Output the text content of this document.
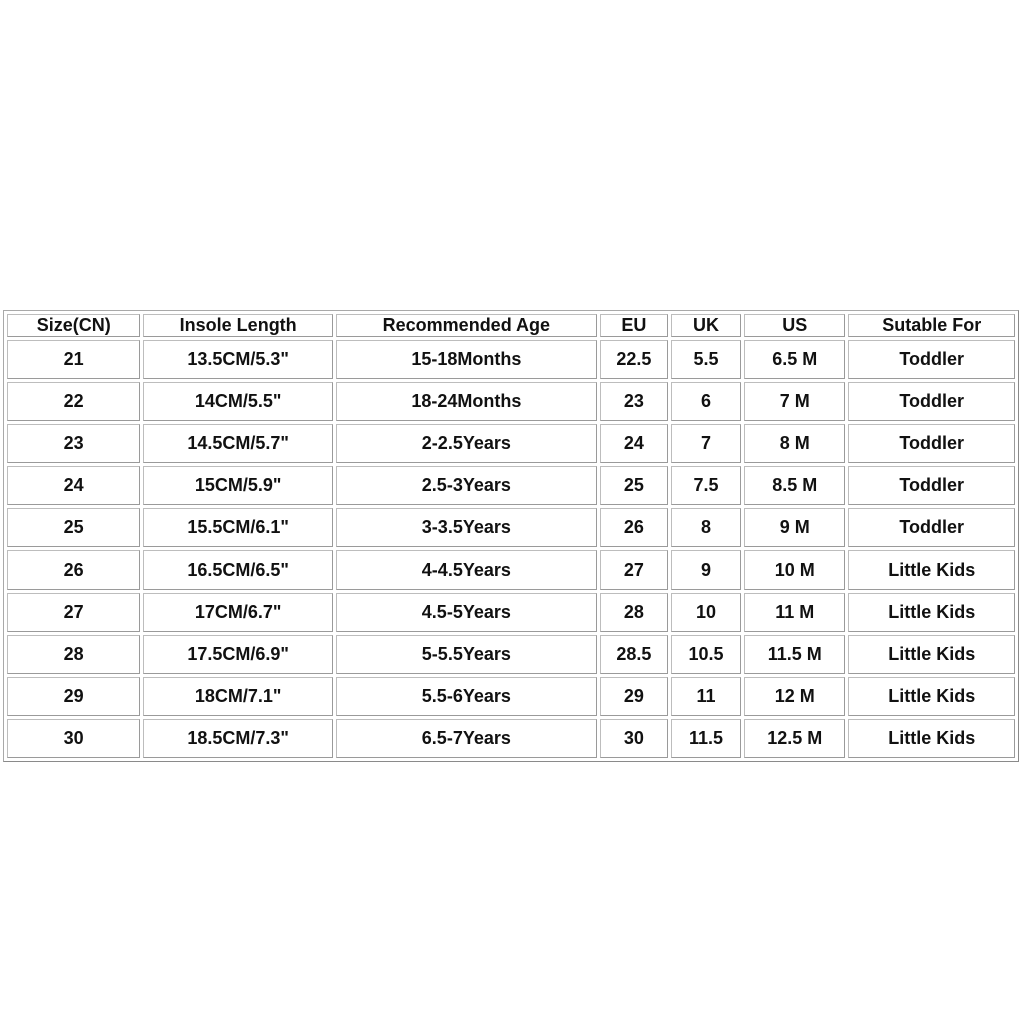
Size(CN)	Insole Length	Recommended Age	EU	UK	US	Sutable For
21	13.5CM/5.3"	15-18Months	22.5	5.5	6.5 M	Toddler
22	14CM/5.5"	18-24Months	23	6	7 M	Toddler
23	14.5CM/5.7"	2-2.5Years	24	7	8 M	Toddler
24	15CM/5.9"	2.5-3Years	25	7.5	8.5 M	Toddler
25	15.5CM/6.1"	3-3.5Years	26	8	9 M	Toddler
26	16.5CM/6.5"	4-4.5Years	27	9	10 M	Little Kids
27	17CM/6.7"	4.5-5Years	28	10	11 M	Little Kids
28	17.5CM/6.9"	5-5.5Years	28.5	10.5	11.5 M	Little Kids
29	18CM/7.1"	5.5-6Years	29	11	12 M	Little Kids
30	18.5CM/7.3"	6.5-7Years	30	11.5	12.5 M	Little Kids
